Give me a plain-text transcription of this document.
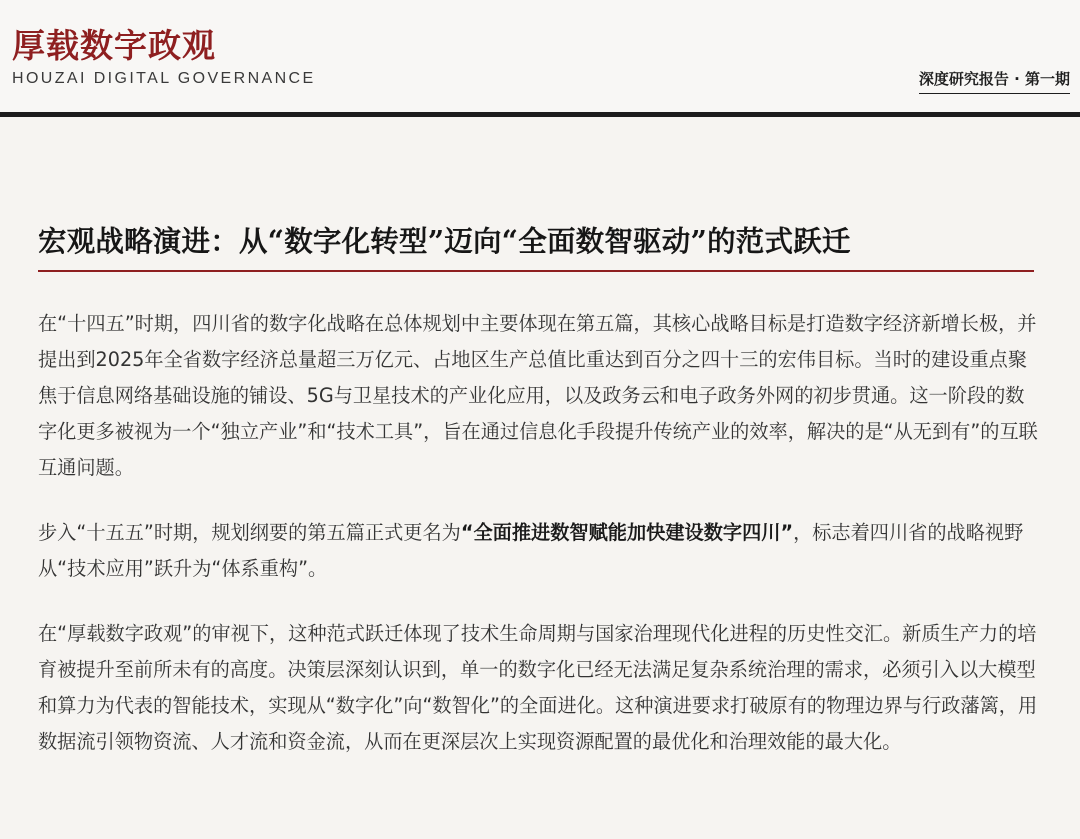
厚载数字政观
HOUZAI DIGITAL GOVERNANCE	深度研究报告 · 第一期
宏观战略演进：从“数字化转型”迈向“全面数智驱动”的范式跃迁

在“十四五”时期，四川省的数字化战略在总体规划中主要体现在第五篇，其核心战略目标是打造数字经济新增长极，并提出到2025年全省数字经济总量超三万亿元、占地区生产总值比重达到百分之四十三的宏伟目标。当时的建设重点聚焦于信息网络基础设施的铺设、5G与卫星技术的产业化应用，以及政务云和电子政务外网的初步贯通。这一阶段的数字化更多被视为一个“独立产业”和“技术工具”，旨在通过信息化手段提升传统产业的效率，解决的是“从无到有”的互联互通问题。

步入“十五五”时期，规划纲要的第五篇正式更名为“全面推进数智赋能加快建设数字四川”，标志着四川省的战略视野从“技术应用”跃升为“体系重构”。

在“厚载数字政观”的审视下，这种范式跃迁体现了技术生命周期与国家治理现代化进程的历史性交汇。新质生产力的培育被提升至前所未有的高度。决策层深刻认识到，单一的数字化已经无法满足复杂系统治理的需求，必须引入以大模型和算力为代表的智能技术，实现从“数字化”向“数智化”的全面进化。这种演进要求打破原有的物理边界与行政藩篱，用数据流引领物资流、人才流和资金流，从而在更深层次上实现资源配置的最优化和治理效能的最大化。
